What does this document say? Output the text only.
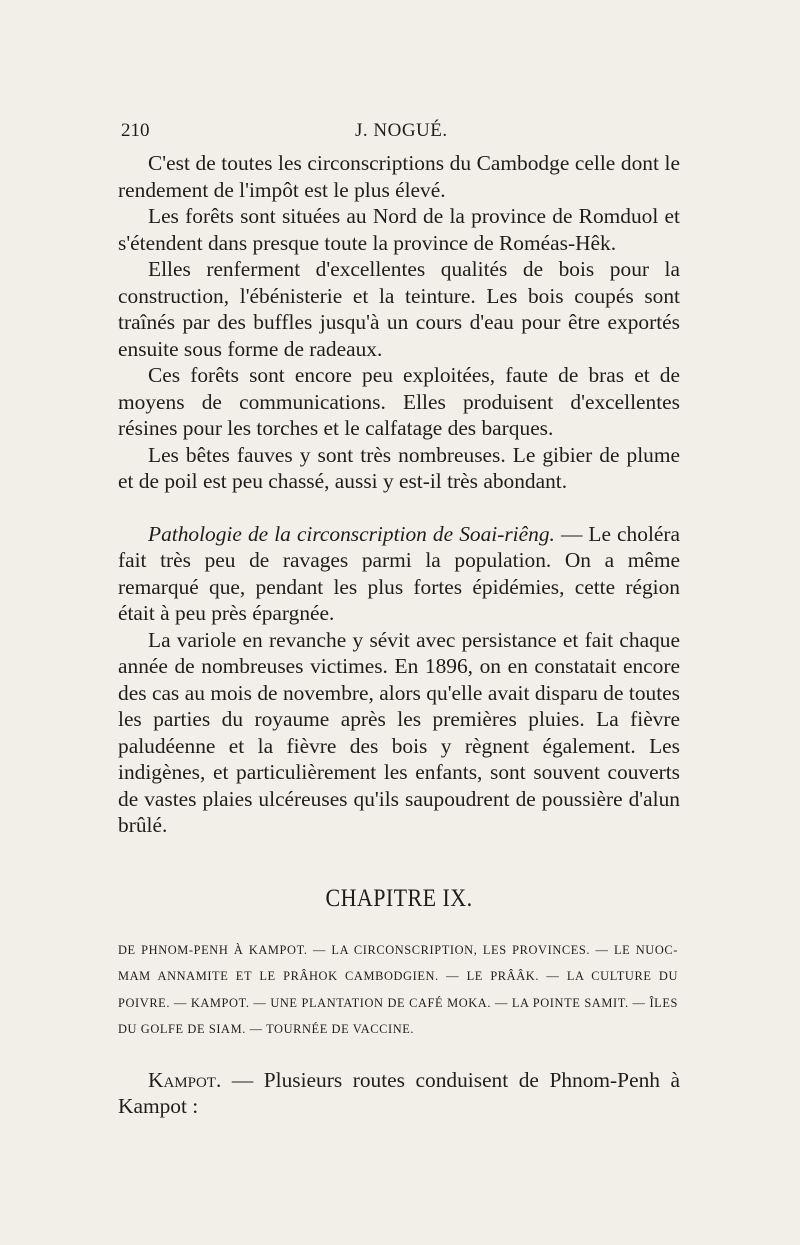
210	J. NOGUÉ.

C'est de toutes les circonscriptions du Cambodge celle dont le rendement de l'impôt est le plus élevé.

Les forêts sont situées au Nord de la province de Romduol et s'étendent dans presque toute la province de Roméas-Hêk.

Elles renferment d'excellentes qualités de bois pour la construction, l'ébénisterie et la teinture. Les bois coupés sont traînés par des buffles jusqu'à un cours d'eau pour être exportés ensuite sous forme de radeaux.

Ces forêts sont encore peu exploitées, faute de bras et de moyens de communications. Elles produisent d'excellentes résines pour les torches et le calfatage des barques.

Les bêtes fauves y sont très nombreuses. Le gibier de plume et de poil est peu chassé, aussi y est-il très abondant.

Pathologie de la circonscription de Soai-riêng. — Le choléra fait très peu de ravages parmi la population. On a même remarqué que, pendant les plus fortes épidémies, cette région était à peu près épargnée.

La variole en revanche y sévit avec persistance et fait chaque année de nombreuses victimes. En 1896, on en constatait encore des cas au mois de novembre, alors qu'elle avait disparu de toutes les parties du royaume après les premières pluies. La fièvre paludéenne et la fièvre des bois y règnent également. Les indigènes, et particulièrement les enfants, sont souvent couverts de vastes plaies ulcéreuses qu'ils saupoudrent de poussière d'alun brûlé.

CHAPITRE IX.
DE PHNOM-PENH À KAMPOT. — LA CIRCONSCRIPTION, LES PROVINCES. — LE NUOC-MAM ANNAMITE ET LE PRÂHOK CAMBODGIEN. — LE PRÂÂK. — LA CULTURE DU POIVRE. — KAMPOT. — UNE PLANTATION DE CAFÉ MOKA. — LA POINTE SAMIT. — ÎLES DU GOLFE DE SIAM. — TOURNÉE DE VACCINE.

Kampot. — Plusieurs routes conduisent de Phnom-Penh à Kampot :
